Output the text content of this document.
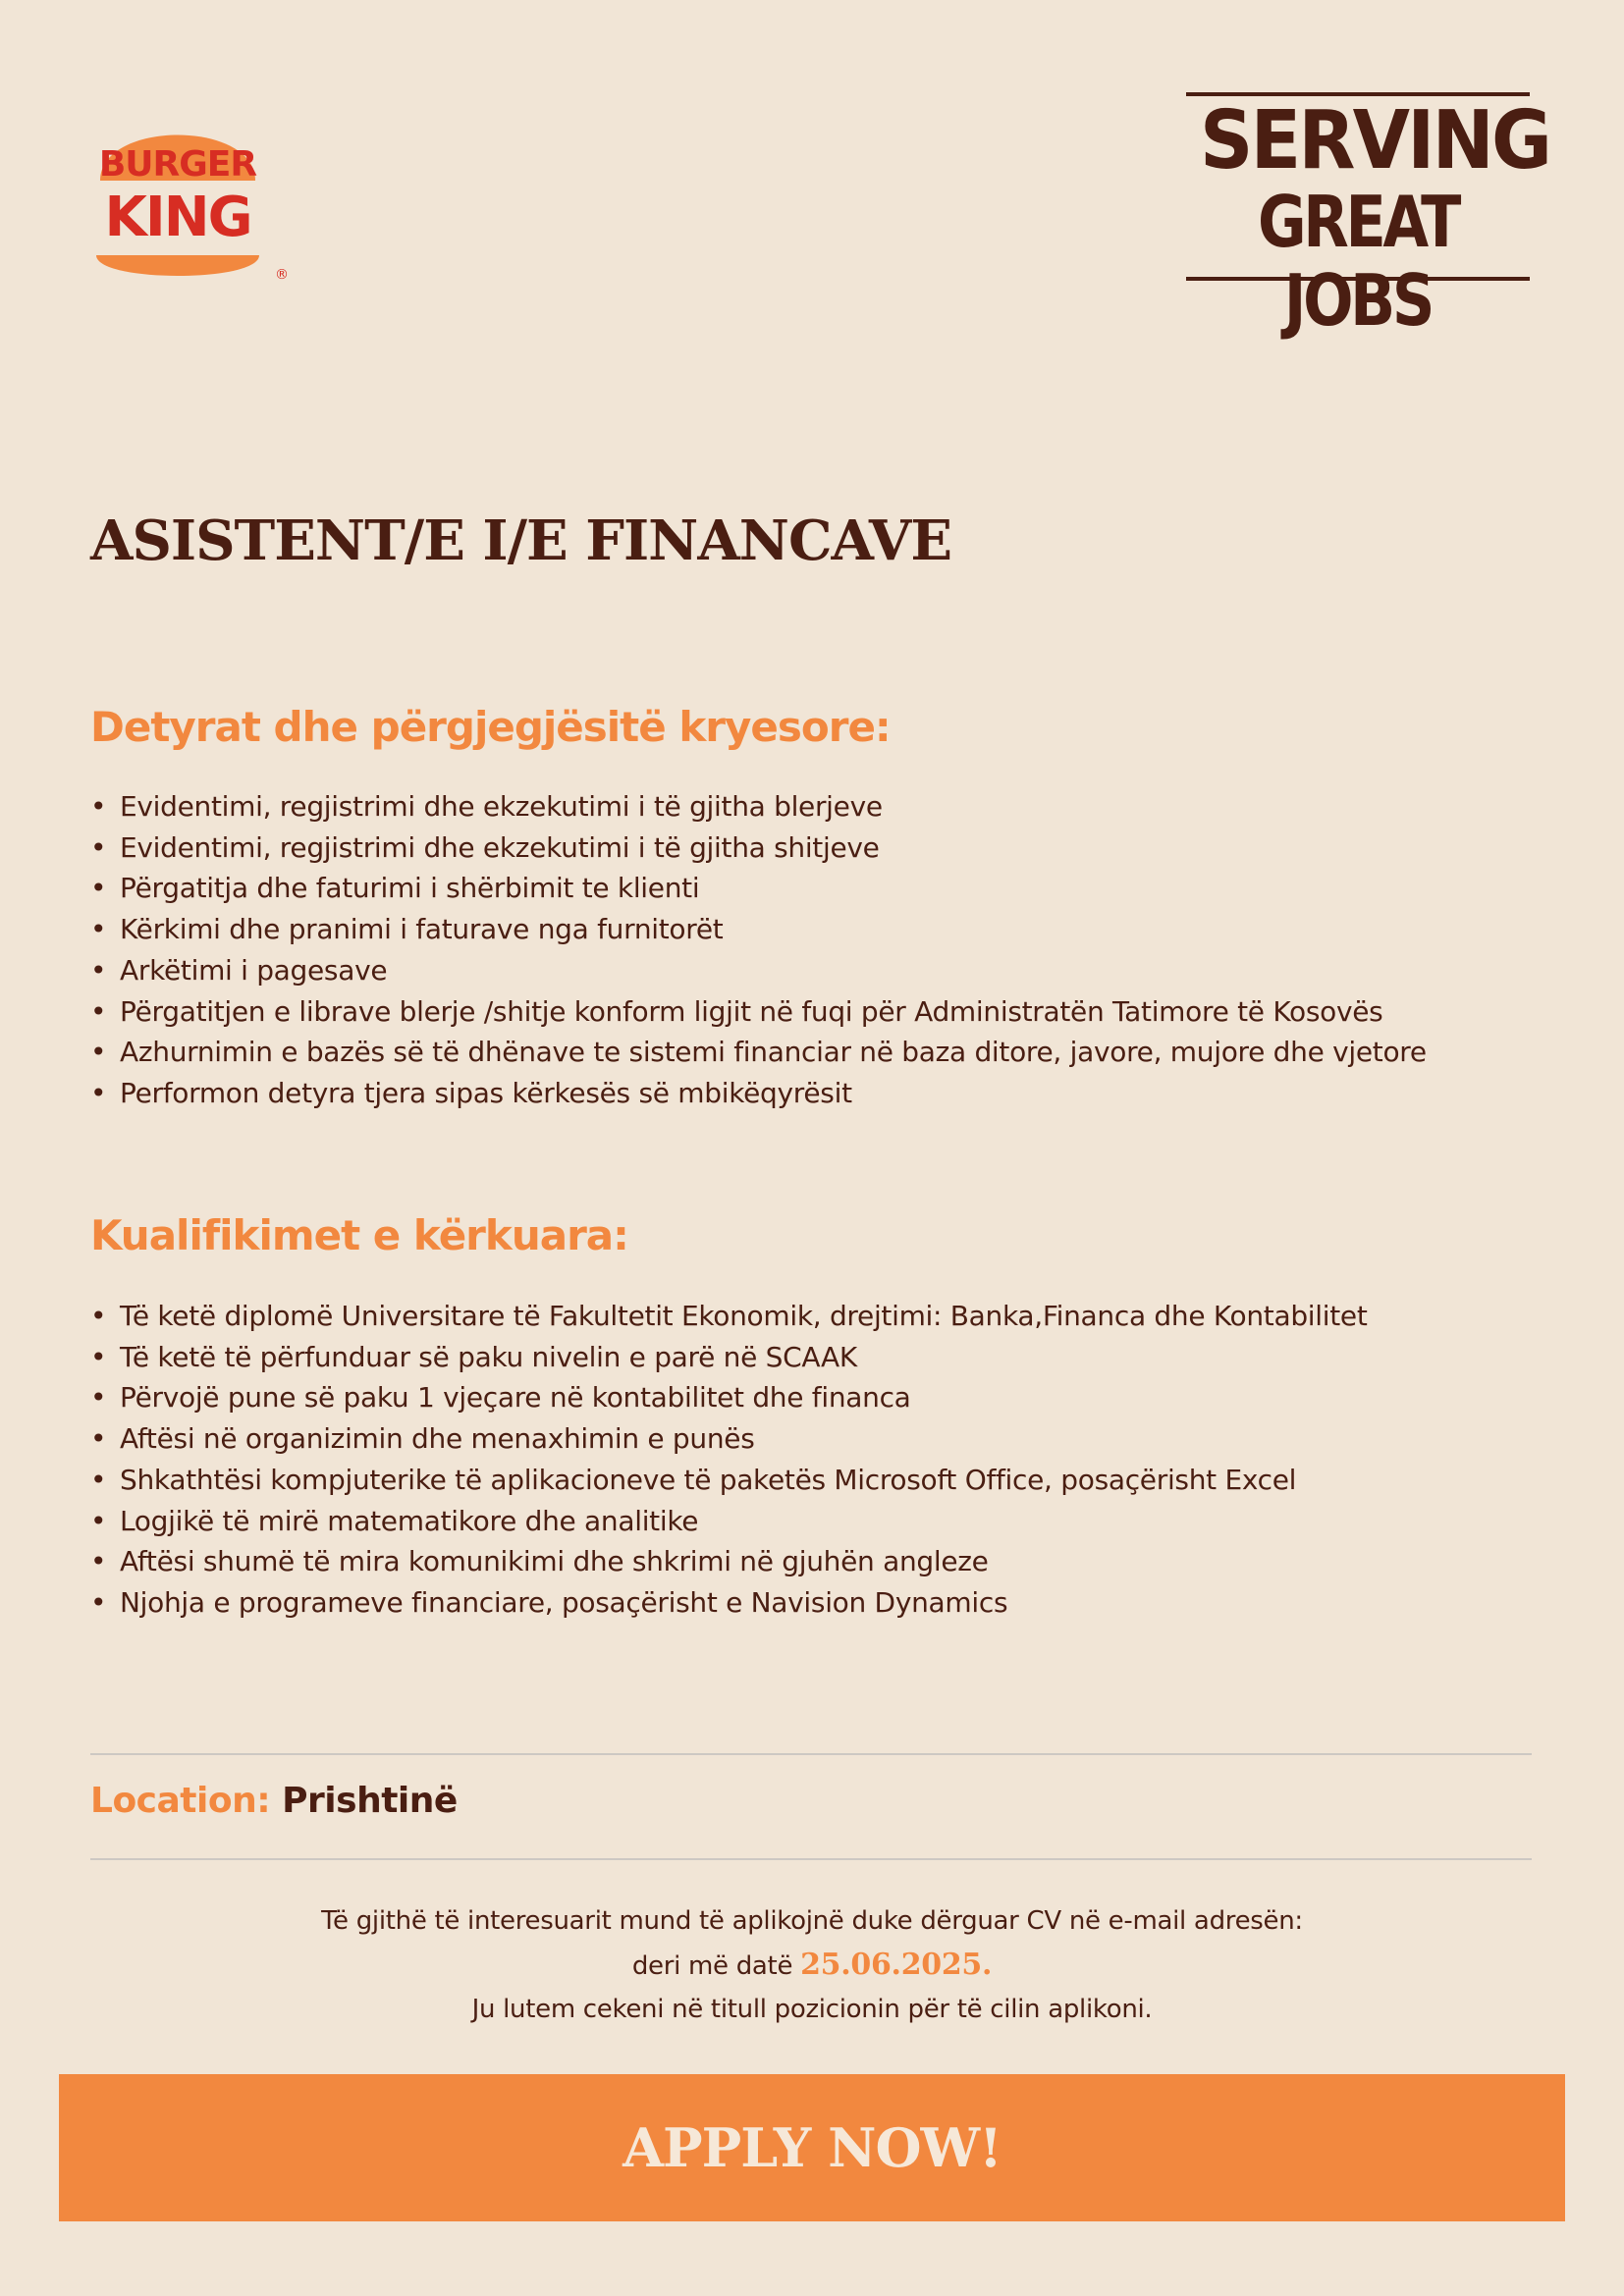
®
BURGER
KING
SERVING
GREAT JOBS
ASISTENT/E I/E FINANCAVE
Detyrat dhe përgjegjësitë kryesore:
• Evidentimi, regjistrimi dhe ekzekutimi i të gjitha blerjeve
• Evidentimi, regjistrimi dhe ekzekutimi i të gjitha shitjeve
• Përgatitja dhe faturimi i shërbimit te klienti
• Kërkimi dhe pranimi i faturave nga furnitorët
• Arkëtimi i pagesave
• Përgatitjen e librave blerje /shitje konform ligjit në fuqi për Administratën Tatimore të Kosovës
• Azhurnimin e bazës së të dhënave te sistemi financiar në baza ditore, javore, mujore dhe vjetore
• Performon detyra tjera sipas kërkesës së mbikëqyrësit
Kualifikimet e kërkuara:
• Të ketë diplomë Universitare të Fakultetit Ekonomik, drejtimi: Banka,Financa dhe Kontabilitet
• Të ketë të përfunduar së paku nivelin e parë në SCAAK
• Përvojë pune së paku 1 vjeçare në kontabilitet dhe financa
• Aftësi në organizimin dhe menaxhimin e punës
• Shkathtësi kompjuterike të aplikacioneve të paketës Microsoft Office, posaçërisht Excel
• Logjikë të mirë matematikore dhe analitike
• Aftësi shumë të mira komunikimi dhe shkrimi në gjuhën angleze
• Njohja e programeve financiare, posaçërisht e Navision Dynamics
Location: Prishtinë
Të gjithë të interesuarit mund të aplikojnë duke dërguar CV në e-mail adresën:
deri më datë 25.06.2025.
Ju lutem cekeni në titull pozicionin për të cilin aplikoni.
APPLY NOW!
